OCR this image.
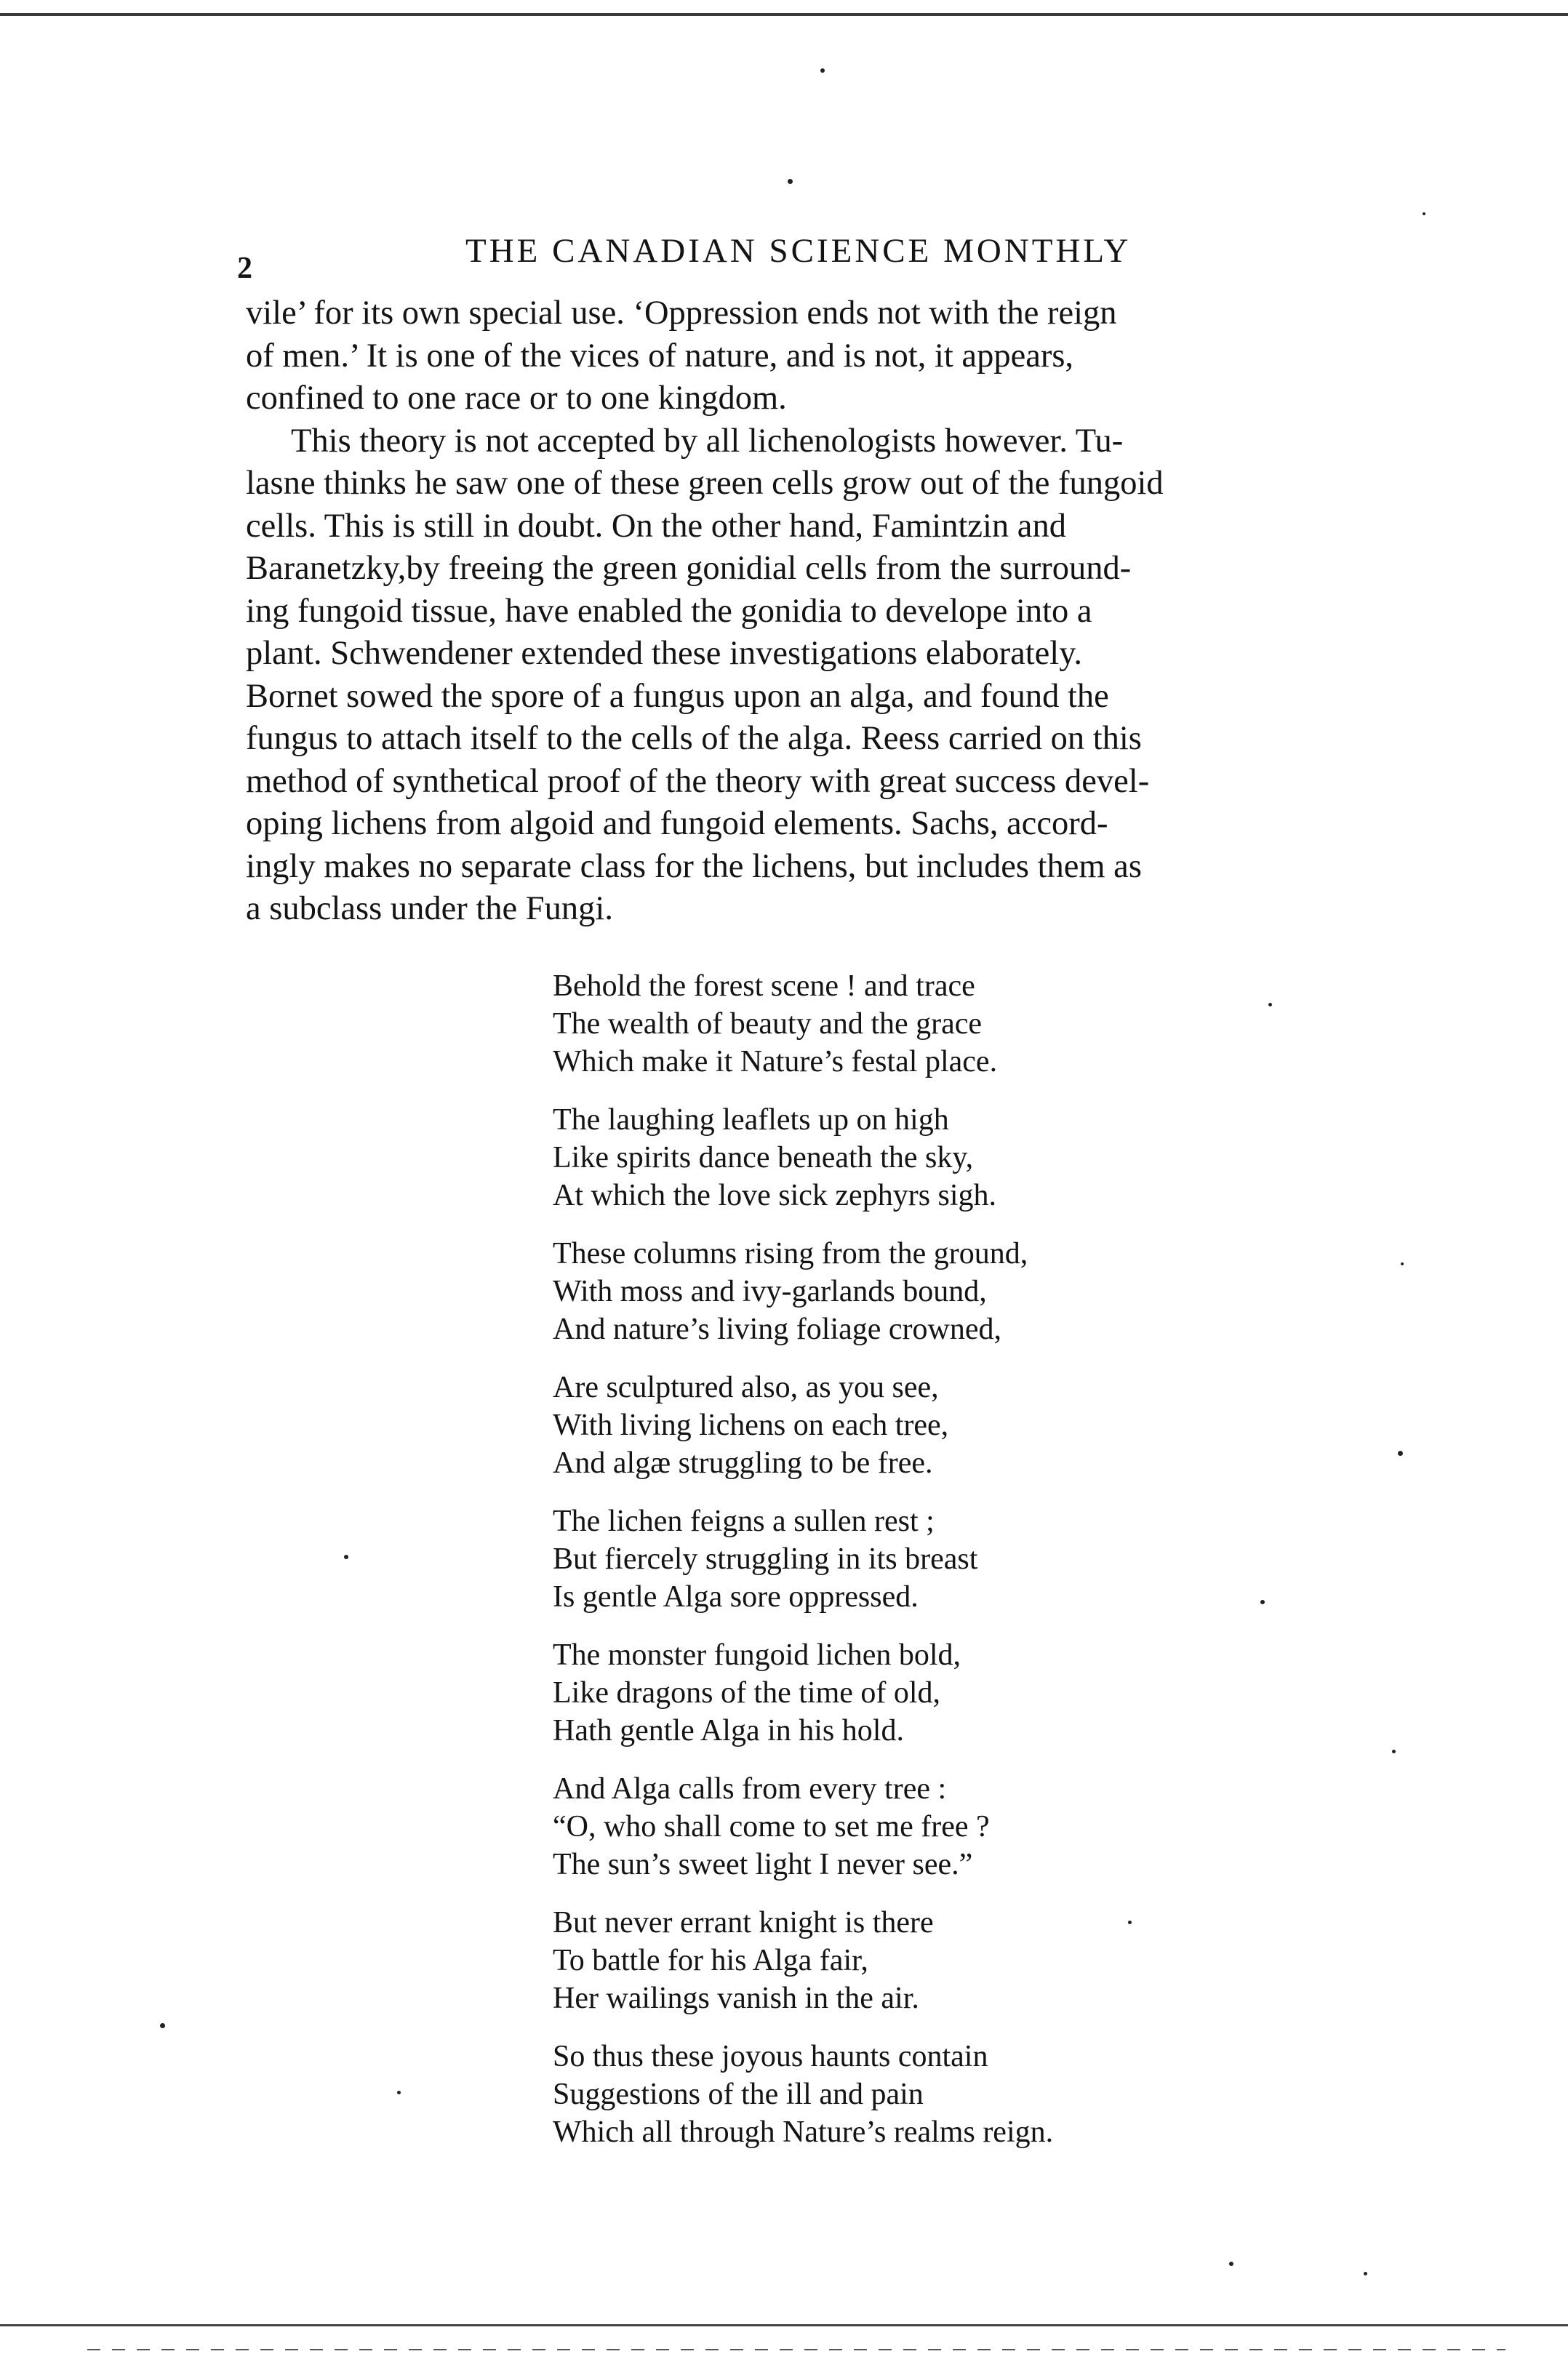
2	THE CANADIAN SCIENCE MONTHLY
vile’ for its own special use. ‘Oppression ends not with the reign
of men.’ It is one of the vices of nature, and is not, it appears,
confined to one race or to one kingdom.
This theory is not accepted by all lichenologists however. Tu-
lasne thinks he saw one of these green cells grow out of the fungoid
cells. This is still in doubt. On the other hand, Famintzin and
Baranetzky,by freeing the green gonidial cells from the surround-
ing fungoid tissue, have enabled the gonidia to develope into a
plant. Schwendener extended these investigations elaborately.
Bornet sowed the spore of a fungus upon an alga, and found the
fungus to attach itself to the cells of the alga. Reess carried on this
method of synthetical proof of the theory with great success devel-
oping lichens from algoid and fungoid elements. Sachs, accord-
ingly makes no separate class for the lichens, but includes them as
a subclass under the Fungi.
Behold the forest scene ! and trace
The wealth of beauty and the grace
Which make it Nature’s festal place.
The laughing leaflets up on high
Like spirits dance beneath the sky,
At which the love sick zephyrs sigh.
These columns rising from the ground,
With moss and ivy-garlands bound,
And nature’s living foliage crowned,
Are sculptured also, as you see,
With living lichens on each tree,
And algæ struggling to be free.
The lichen feigns a sullen rest ;
But fiercely struggling in its breast
Is gentle Alga sore oppressed.
The monster fungoid lichen bold,
Like dragons of the time of old,
Hath gentle Alga in his hold.
And Alga calls from every tree :
“O, who shall come to set me free ?
The sun’s sweet light I never see.”
But never errant knight is there
To battle for his Alga fair,
Her wailings vanish in the air.
So thus these joyous haunts contain
Suggestions of the ill and pain
Which all through Nature’s realms reign.
